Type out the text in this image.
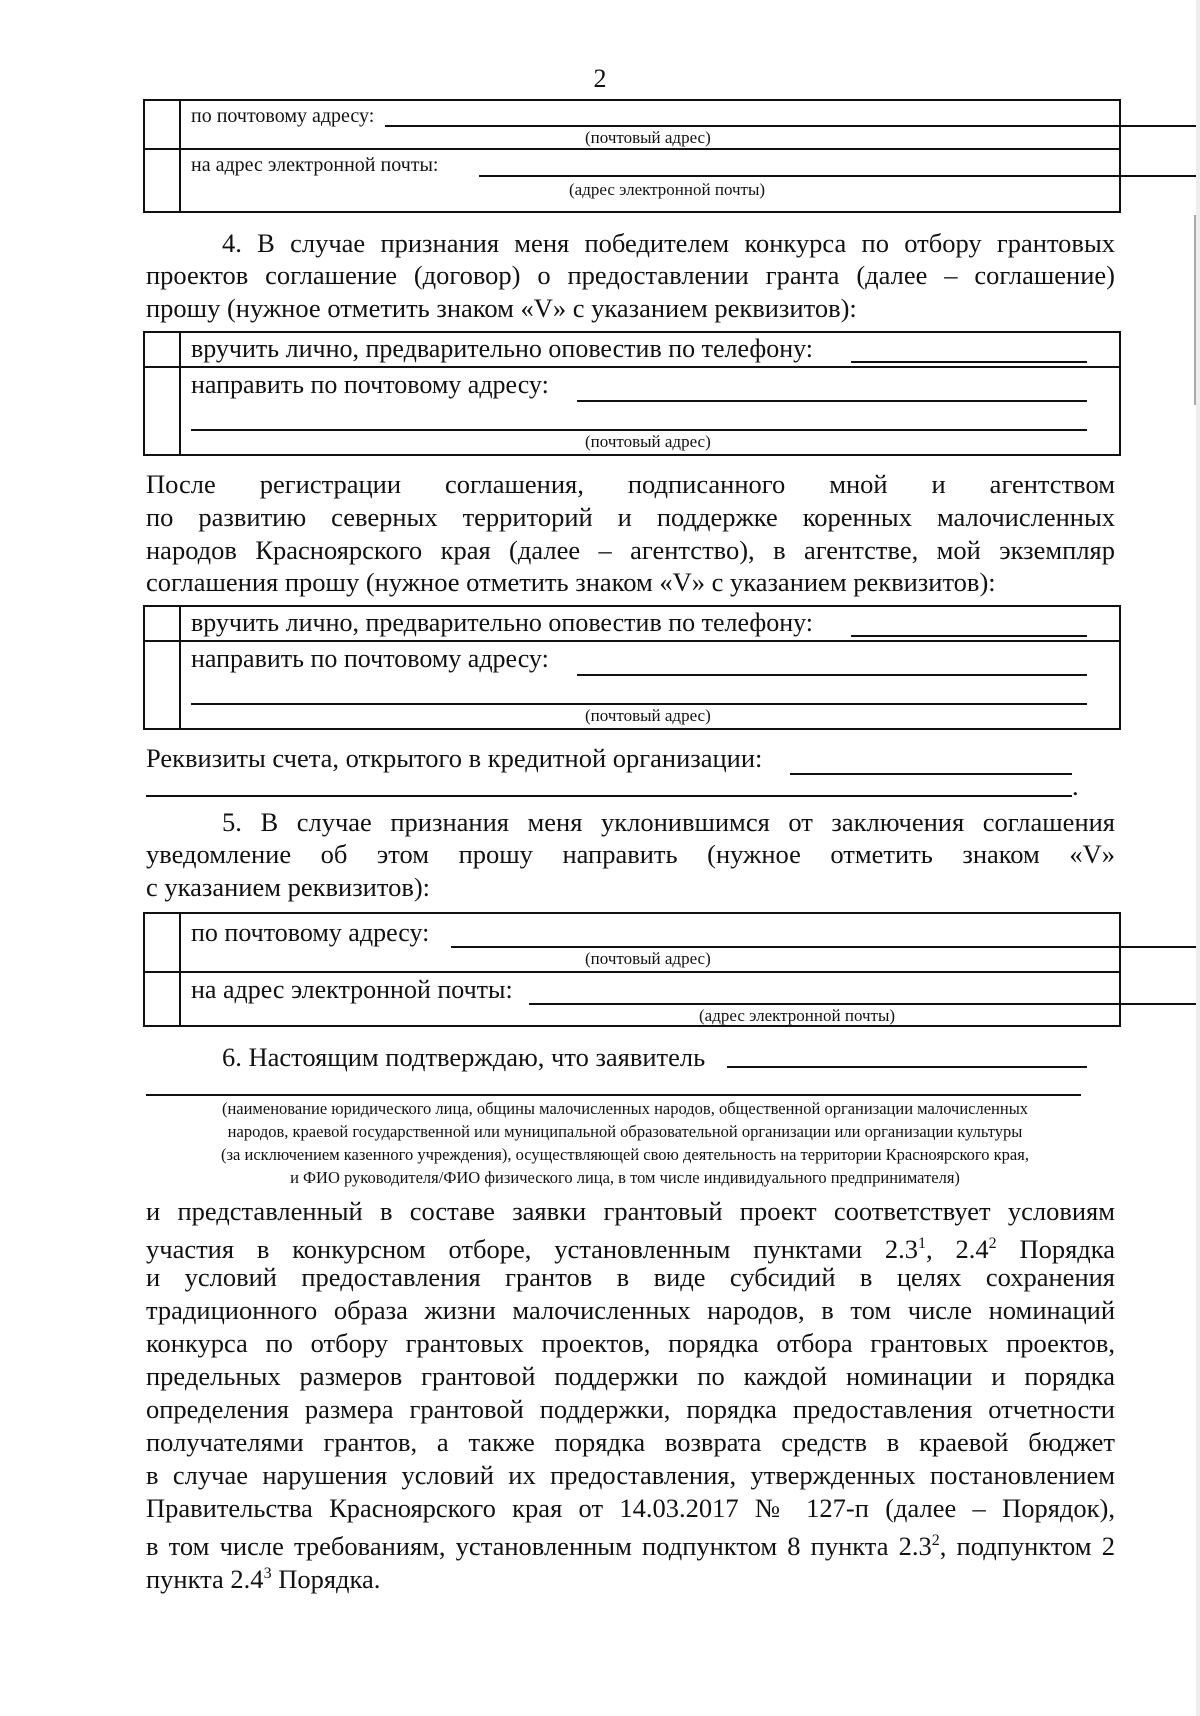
2
по почтовому адресу:
(почтовый адрес)
на адрес электронной почты:
(адрес электронной почты)
4. В случае признания меня победителем конкурса по отбору грантовых
проектов соглашение (договор) о предоставлении гранта (далее – соглашение)
прошу (нужное отметить знаком «V» с указанием реквизитов):
вручить лично, предварительно оповестив по телефону:
направить по почтовому адресу:
(почтовый адрес)
После регистрации соглашения, подписанного мной и агентством
по развитию северных территорий и поддержке коренных малочисленных
народов Красноярского края (далее – агентство), в агентстве, мой экземпляр
соглашения прошу (нужное отметить знаком «V» с указанием реквизитов):
вручить лично, предварительно оповестив по телефону:
направить по почтовому адресу:
(почтовый адрес)
Реквизиты счета, открытого в кредитной организации:
.
5. В случае признания меня уклонившимся от заключения соглашения
уведомление об этом прошу направить (нужное отметить знаком «V»
с указанием реквизитов):
по почтовому адресу:
(почтовый адрес)
на адрес электронной почты:
(адрес электронной почты)
6. Настоящим подтверждаю, что заявитель
(наименование юридического лица, общины малочисленных народов, общественной организации малочисленных
народов, краевой государственной или муниципальной образовательной организации или организации культуры
(за исключением казенного учреждения), осуществляющей свою деятельность на территории Красноярского края,
и ФИО руководителя/ФИО физического лица, в том числе индивидуального предпринимателя)
и представленный в составе заявки грантовый проект соответствует условиям
участия в конкурсном отборе, установленным пунктами $2.3^1$, $2.4^2$ Порядка
и условий предоставления грантов в виде субсидий в целях сохранения
традиционного образа жизни малочисленных народов, в том числе номинаций
конкурса по отбору грантовых проектов, порядка отбора грантовых проектов,
предельных размеров грантовой поддержки по каждой номинации и порядка
определения размера грантовой поддержки, порядка предоставления отчетности
получателями грантов, а также порядка возврата средств в краевой бюджет
в случае нарушения условий их предоставления, утвержденных постановлением
Правительства Красноярского края от 14.03.2017 № 127-п (далее – Порядок),
в том числе требованиям, установленным подпунктом 8 пункта $2.3^2$, подпунктом 2
пункта $2.4^3$ Порядка.
